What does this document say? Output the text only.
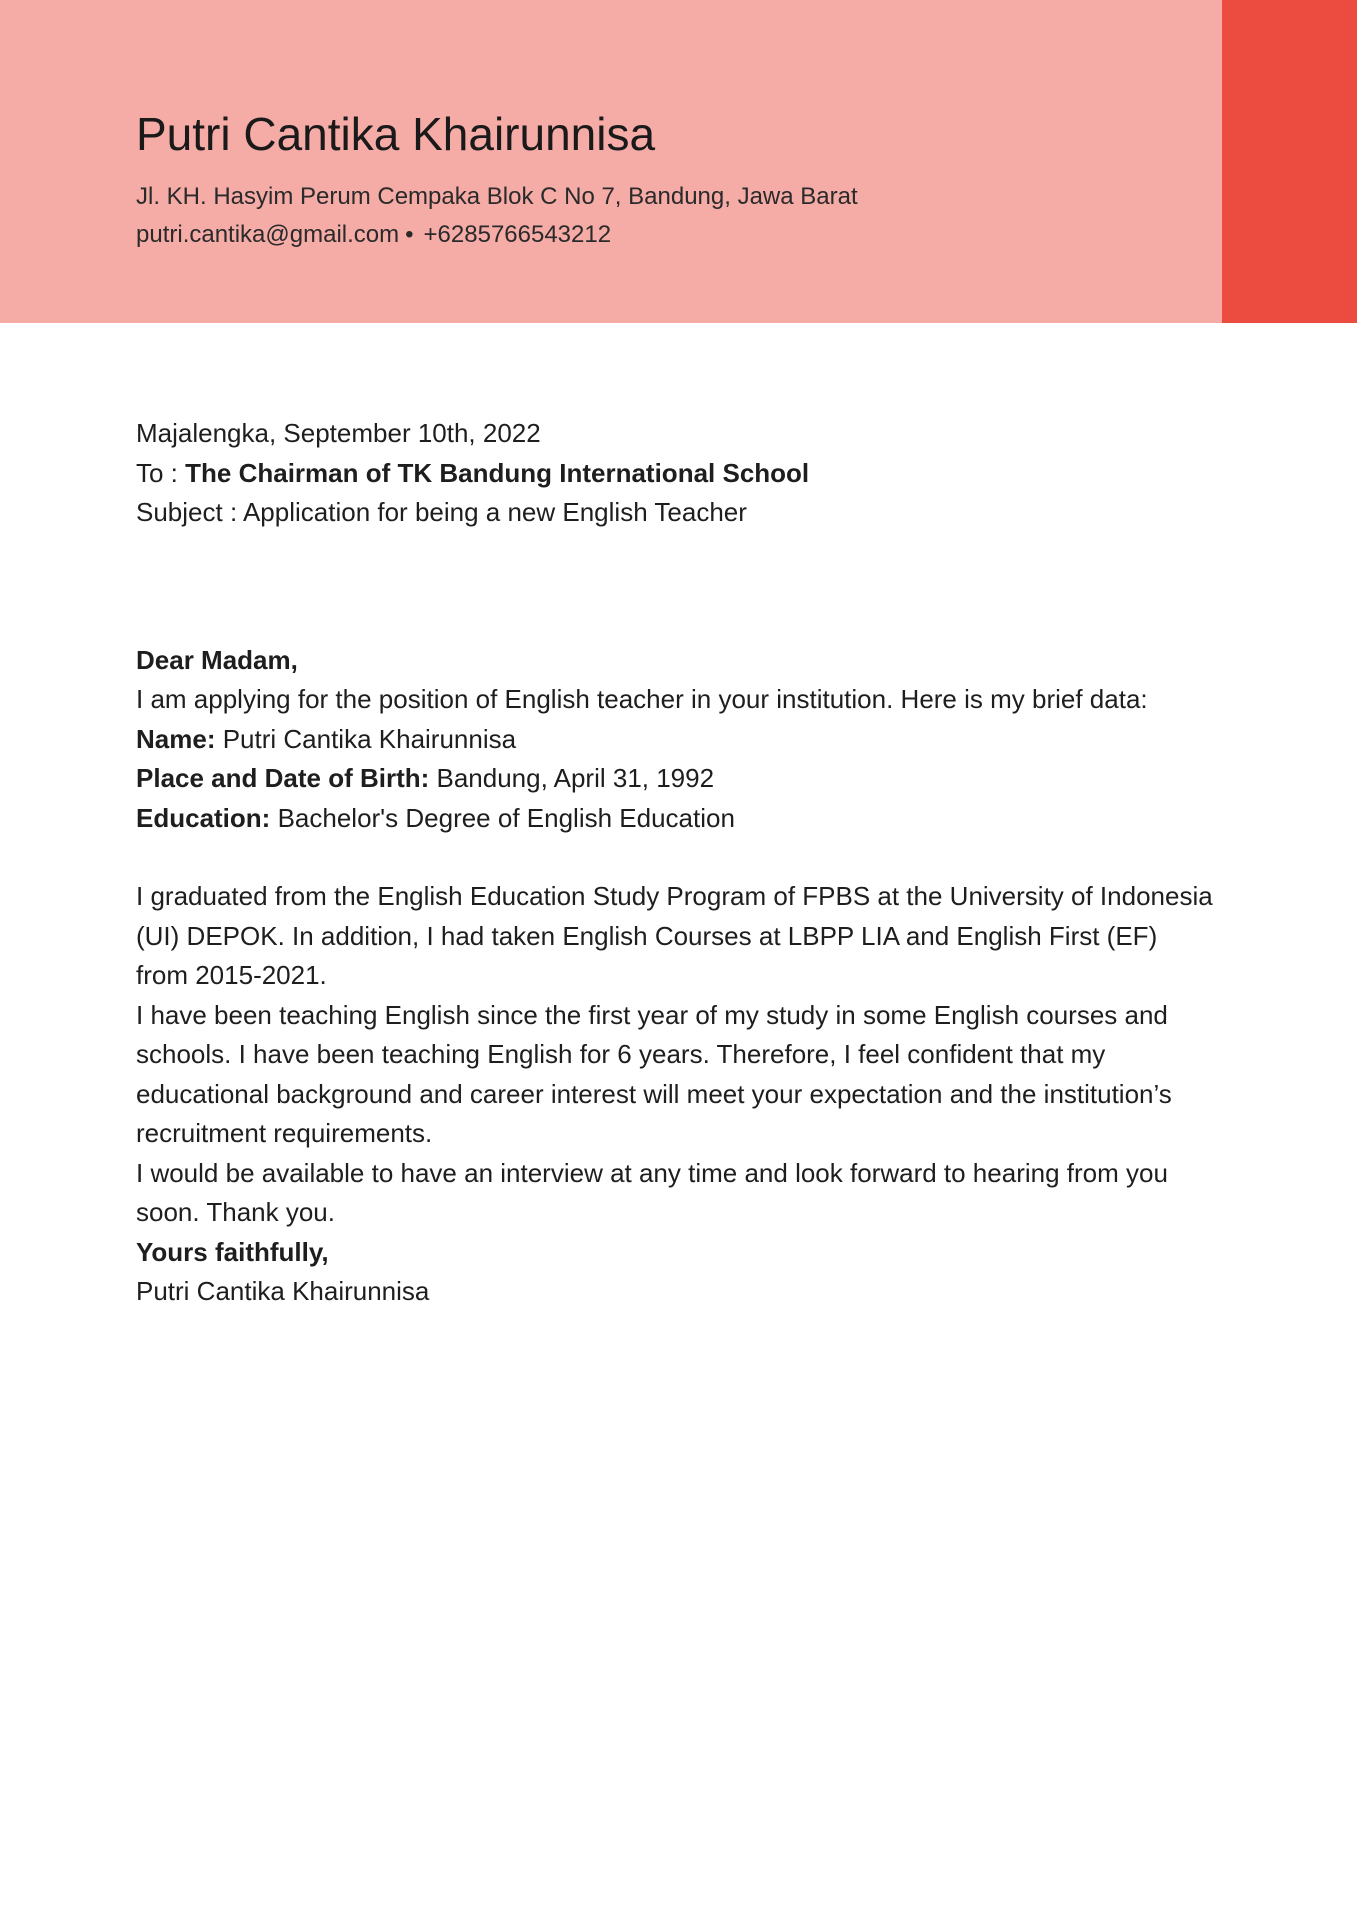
Putri Cantika Khairunnisa
Jl. KH. Hasyim Perum Cempaka Blok C No 7, Bandung, Jawa Barat
putri.cantika@gmail.com • +6285766543212

Majalengka, September 10th, 2022

To : The Chairman of TK Bandung International School

Subject : Application for being a new English Teacher

Dear Madam,

I am applying for the position of English teacher in your institution. Here is my brief data:

Name: Putri Cantika Khairunnisa

Place and Date of Birth: Bandung, April 31, 1992

Education: Bachelor's Degree of English Education

I graduated from the English Education Study Program of FPBS at the University of Indonesia (UI) DEPOK. In addition, I had taken English Courses at LBPP LIA and English First (EF) from 2015-2021.

I have been teaching English since the first year of my study in some English courses and schools. I have been teaching English for 6 years. Therefore, I feel confident that my educational background and career interest will meet your expectation and the institution’s recruitment requirements.

I would be available to have an interview at any time and look forward to hearing from you soon. Thank you.

Yours faithfully,

Putri Cantika Khairunnisa
